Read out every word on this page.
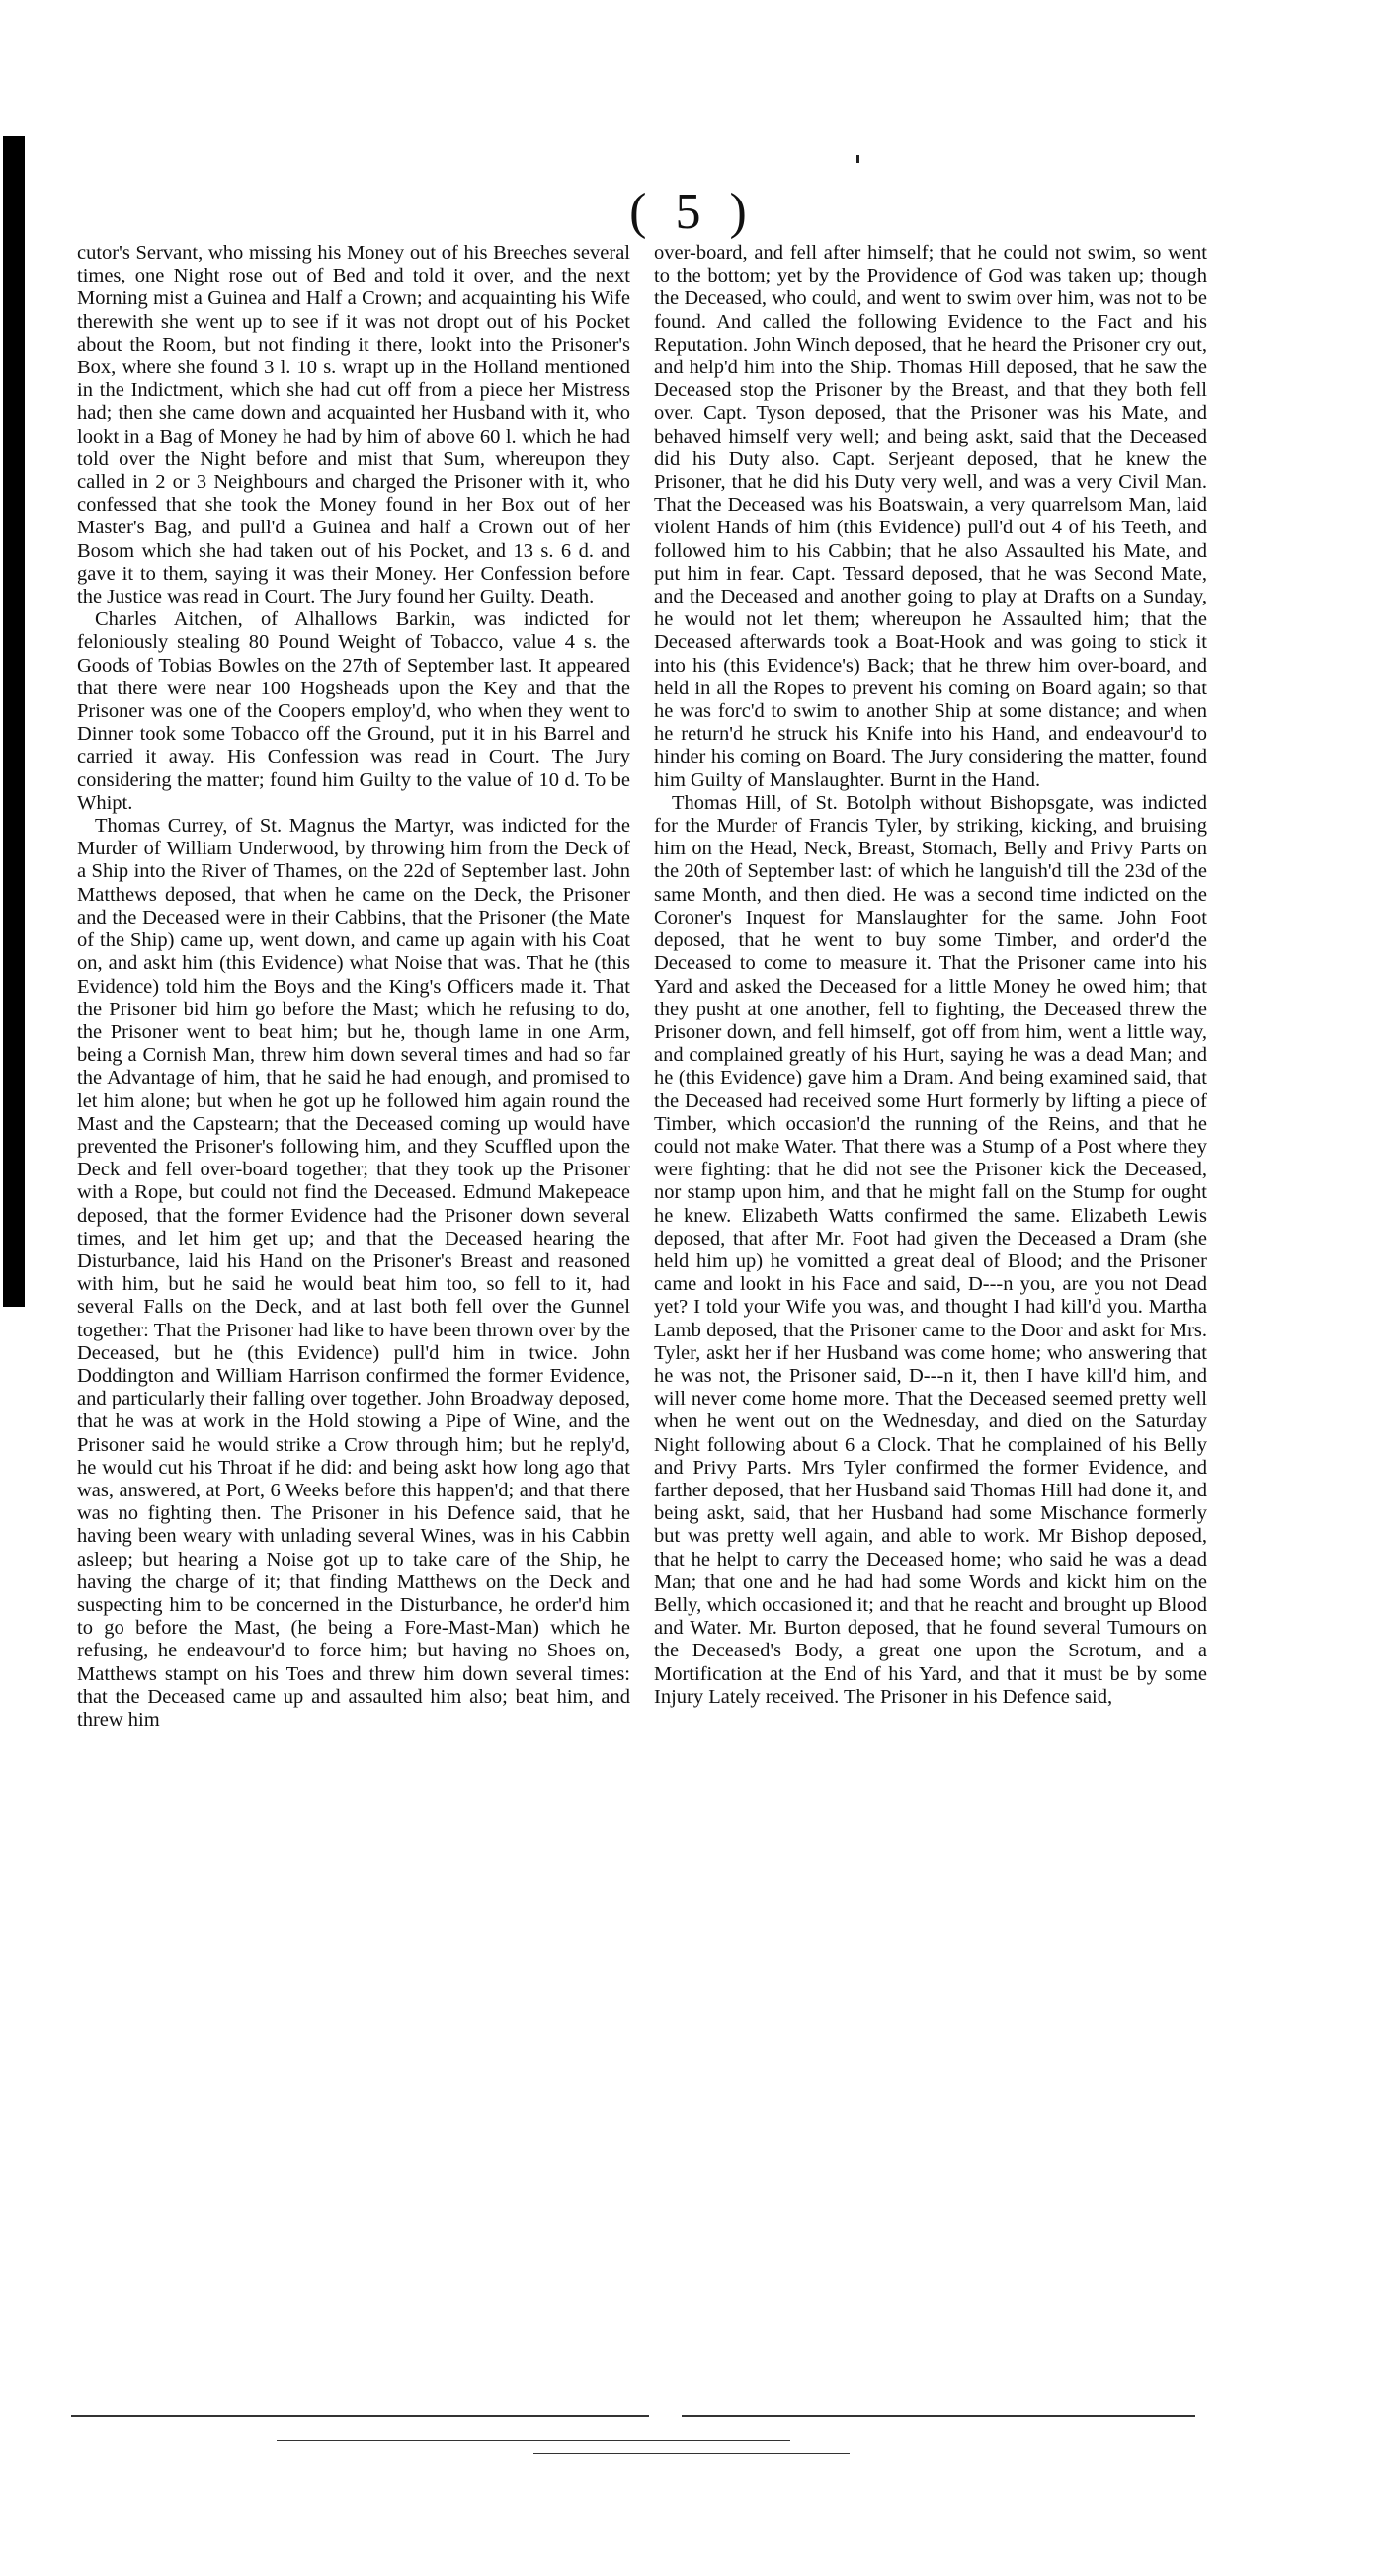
( 5 )

cutor's Servant, who missing his Money out of his Breeches several times, one Night rose out of Bed and told it over, and the next Morning mist a Guinea and Half a Crown; and acquainting his Wife therewith she went up to see if it was not dropt out of his Pocket about the Room, but not finding it there, lookt into the Prisoner's Box, where she found 3 l. 10 s. wrapt up in the Holland mentioned in the Indictment, which she had cut off from a piece her Mistress had; then she came down and acquainted her Husband with it, who lookt in a Bag of Money he had by him of above 60 l. which he had told over the Night before and mist that Sum, whereupon they called in 2 or 3 Neighbours and charged the Prisoner with it, who confessed that she took the Money found in her Box out of her Master's Bag, and pull'd a Guinea and half a Crown out of her Bosom which she had taken out of his Pocket, and 13 s. 6 d. and gave it to them, saying it was their Money. Her Confession before the Justice was read in Court. The Jury found her Guilty. Death.

Charles Aitchen, of Alhallows Barkin, was indicted for feloniously stealing 80 Pound Weight of Tobacco, value 4 s. the Goods of Tobias Bowles on the 27th of September last. It appeared that there were near 100 Hogsheads upon the Key and that the Prisoner was one of the Coopers employ'd, who when they went to Dinner took some Tobacco off the Ground, put it in his Barrel and carried it away. His Confession was read in Court. The Jury considering the matter; found him Guilty to the value of 10 d. To be Whipt.

Thomas Currey, of St. Magnus the Martyr, was indicted for the Murder of William Underwood, by throwing him from the Deck of a Ship into the River of Thames, on the 22d of September last. John Matthews deposed, that when he came on the Deck, the Prisoner and the Deceased were in their Cabbins, that the Prisoner (the Mate of the Ship) came up, went down, and came up again with his Coat on, and askt him (this Evidence) what Noise that was. That he (this Evidence) told him the Boys and the King's Officers made it. That the Prisoner bid him go before the Mast; which he refusing to do, the Prisoner went to beat him; but he, though lame in one Arm, being a Cornish Man, threw him down several times and had so far the Advantage of him, that he said he had enough, and promised to let him alone; but when he got up he followed him again round the Mast and the Capstearn; that the Deceased coming up would have prevented the Prisoner's following him, and they Scuffled upon the Deck and fell over-board together; that they took up the Prisoner with a Rope, but could not find the Deceased. Edmund Makepeace deposed, that the former Evidence had the Prisoner down several times, and let him get up; and that the Deceased hearing the Disturbance, laid his Hand on the Prisoner's Breast and reasoned with him, but he said he would beat him too, so fell to it, had several Falls on the Deck, and at last both fell over the Gunnel together: That the Prisoner had like to have been thrown over by the Deceased, but he (this Evidence) pull'd him in twice. John Doddington and William Harrison confirmed the former Evidence, and particularly their falling over together. John Broadway deposed, that he was at work in the Hold stowing a Pipe of Wine, and the Prisoner said he would strike a Crow through him; but he reply'd, he would cut his Throat if he did: and being askt how long ago that was, answered, at Port, 6 Weeks before this happen'd; and that there was no fighting then. The Prisoner in his Defence said, that he having been weary with unlading several Wines, was in his Cabbin asleep; but hearing a Noise got up to take care of the Ship, he having the charge of it; that finding Matthews on the Deck and suspecting him to be concerned in the Disturbance, he order'd him to go before the Mast, (he being a Fore-Mast-Man) which he refusing, he endeavour'd to force him; but having no Shoes on, Matthews stampt on his Toes and threw him down several times: that the Deceased came up and assaulted him also; beat him, and threw him

over-board, and fell after himself; that he could not swim, so went to the bottom; yet by the Providence of God was taken up; though the Deceased, who could, and went to swim over him, was not to be found. And called the following Evidence to the Fact and his Reputation. John Winch deposed, that he heard the Prisoner cry out, and help'd him into the Ship. Thomas Hill deposed, that he saw the Deceased stop the Prisoner by the Breast, and that they both fell over. Capt. Tyson deposed, that the Prisoner was his Mate, and behaved himself very well; and being askt, said that the Deceased did his Duty also. Capt. Serjeant deposed, that he knew the Prisoner, that he did his Duty very well, and was a very Civil Man. That the Deceased was his Boatswain, a very quarrelsom Man, laid violent Hands of him (this Evidence) pull'd out 4 of his Teeth, and followed him to his Cabbin; that he also Assaulted his Mate, and put him in fear. Capt. Tessard deposed, that he was Second Mate, and the Deceased and another going to play at Drafts on a Sunday, he would not let them; whereupon he Assaulted him; that the Deceased afterwards took a Boat-Hook and was going to stick it into his (this Evidence's) Back; that he threw him over-board, and held in all the Ropes to prevent his coming on Board again; so that he was forc'd to swim to another Ship at some distance; and when he return'd he struck his Knife into his Hand, and endeavour'd to hinder his coming on Board. The Jury considering the matter, found him Guilty of Manslaughter. Burnt in the Hand.

Thomas Hill, of St. Botolph without Bishopsgate, was indicted for the Murder of Francis Tyler, by striking, kicking, and bruising him on the Head, Neck, Breast, Stomach, Belly and Privy Parts on the 20th of September last: of which he languish'd till the 23d of the same Month, and then died. He was a second time indicted on the Coroner's Inquest for Manslaughter for the same. John Foot deposed, that he went to buy some Timber, and order'd the Deceased to come to measure it. That the Prisoner came into his Yard and asked the Deceased for a little Money he owed him; that they pusht at one another, fell to fighting, the Deceased threw the Prisoner down, and fell himself, got off from him, went a little way, and complained greatly of his Hurt, saying he was a dead Man; and he (this Evidence) gave him a Dram. And being examined said, that the Deceased had received some Hurt formerly by lifting a piece of Timber, which occasion'd the running of the Reins, and that he could not make Water. That there was a Stump of a Post where they were fighting: that he did not see the Prisoner kick the Deceased, nor stamp upon him, and that he might fall on the Stump for ought he knew. Elizabeth Watts confirmed the same. Elizabeth Lewis deposed, that after Mr. Foot had given the Deceased a Dram (she held him up) he vomitted a great deal of Blood; and the Prisoner came and lookt in his Face and said, D---n you, are you not Dead yet? I told your Wife you was, and thought I had kill'd you. Martha Lamb deposed, that the Prisoner came to the Door and askt for Mrs. Tyler, askt her if her Husband was come home; who answering that he was not, the Prisoner said, D---n it, then I have kill'd him, and will never come home more. That the Deceased seemed pretty well when he went out on the Wednesday, and died on the Saturday Night following about 6 a Clock. That he complained of his Belly and Privy Parts. Mrs Tyler confirmed the former Evidence, and farther deposed, that her Husband said Thomas Hill had done it, and being askt, said, that her Husband had some Mischance formerly but was pretty well again, and able to work. Mr Bishop deposed, that he helpt to carry the Deceased home; who said he was a dead Man; that one and he had had some Words and kickt him on the Belly, which occasioned it; and that he reacht and brought up Blood and Water. Mr. Burton deposed, that he found several Tumours on the Deceased's Body, a great one upon the Scrotum, and a Mortification at the End of his Yard, and that it must be by some Injury Lately received. The Prisoner in his Defence said,
